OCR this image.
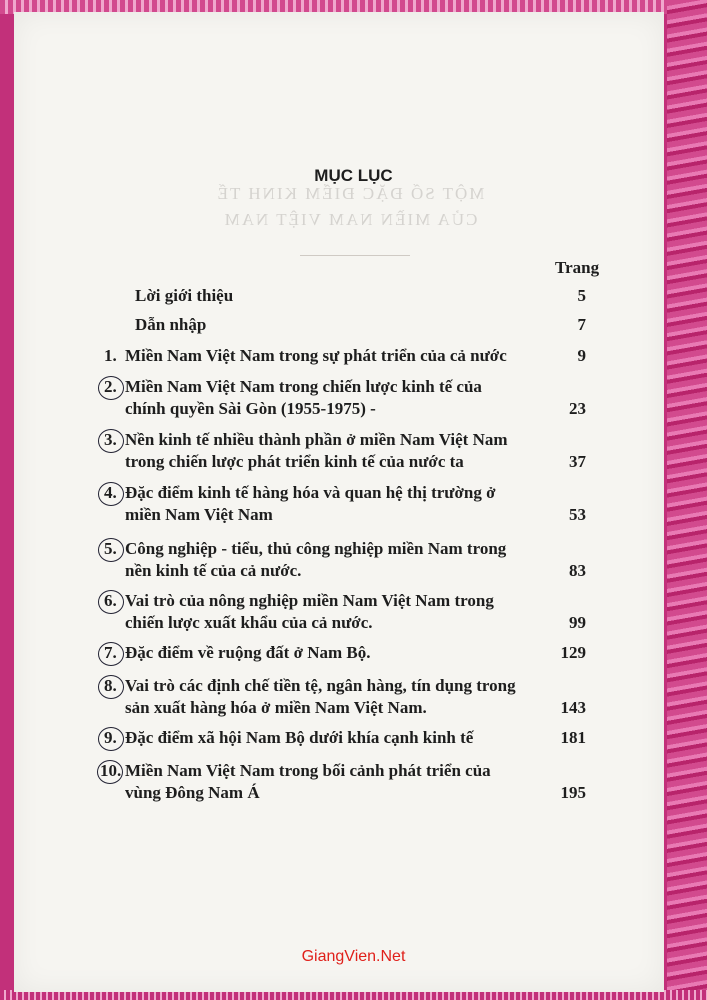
MỤC LỤC
MỘT SỐ ĐẶC ĐIỂM KINH TẾ
CỦA MIỀN NAM VIỆT NAM
Trang
Lời giới thiệu	5
Dẫn nhập	7
1. Miền Nam Việt Nam trong sự phát triển của cả nước	9
2. Miền Nam Việt Nam trong chiến lược kinh tế của
chính quyền Sài Gòn (1955-1975) -	23
3. Nền kinh tế nhiều thành phần ở miền Nam Việt Nam
trong chiến lược phát triển kinh tế của nước ta	37
4. Đặc điểm kinh tế hàng hóa và quan hệ thị trường ở
miền Nam Việt Nam	53
5. Công nghiệp - tiểu, thủ công nghiệp miền Nam trong
nền kinh tế của cả nước.	83
6. Vai trò của nông nghiệp miền Nam Việt Nam trong
chiến lược xuất khẩu của cả nước.	99
7. Đặc điểm về ruộng đất ở Nam Bộ.	129
8. Vai trò các định chế tiền tệ, ngân hàng, tín dụng trong
sản xuất hàng hóa ở miền Nam Việt Nam.	143
9. Đặc điểm xã hội Nam Bộ dưới khía cạnh kinh tế	181
10. Miền Nam Việt Nam trong bối cảnh phát triển của
vùng Đông Nam Á	195
GiangVien.Net
